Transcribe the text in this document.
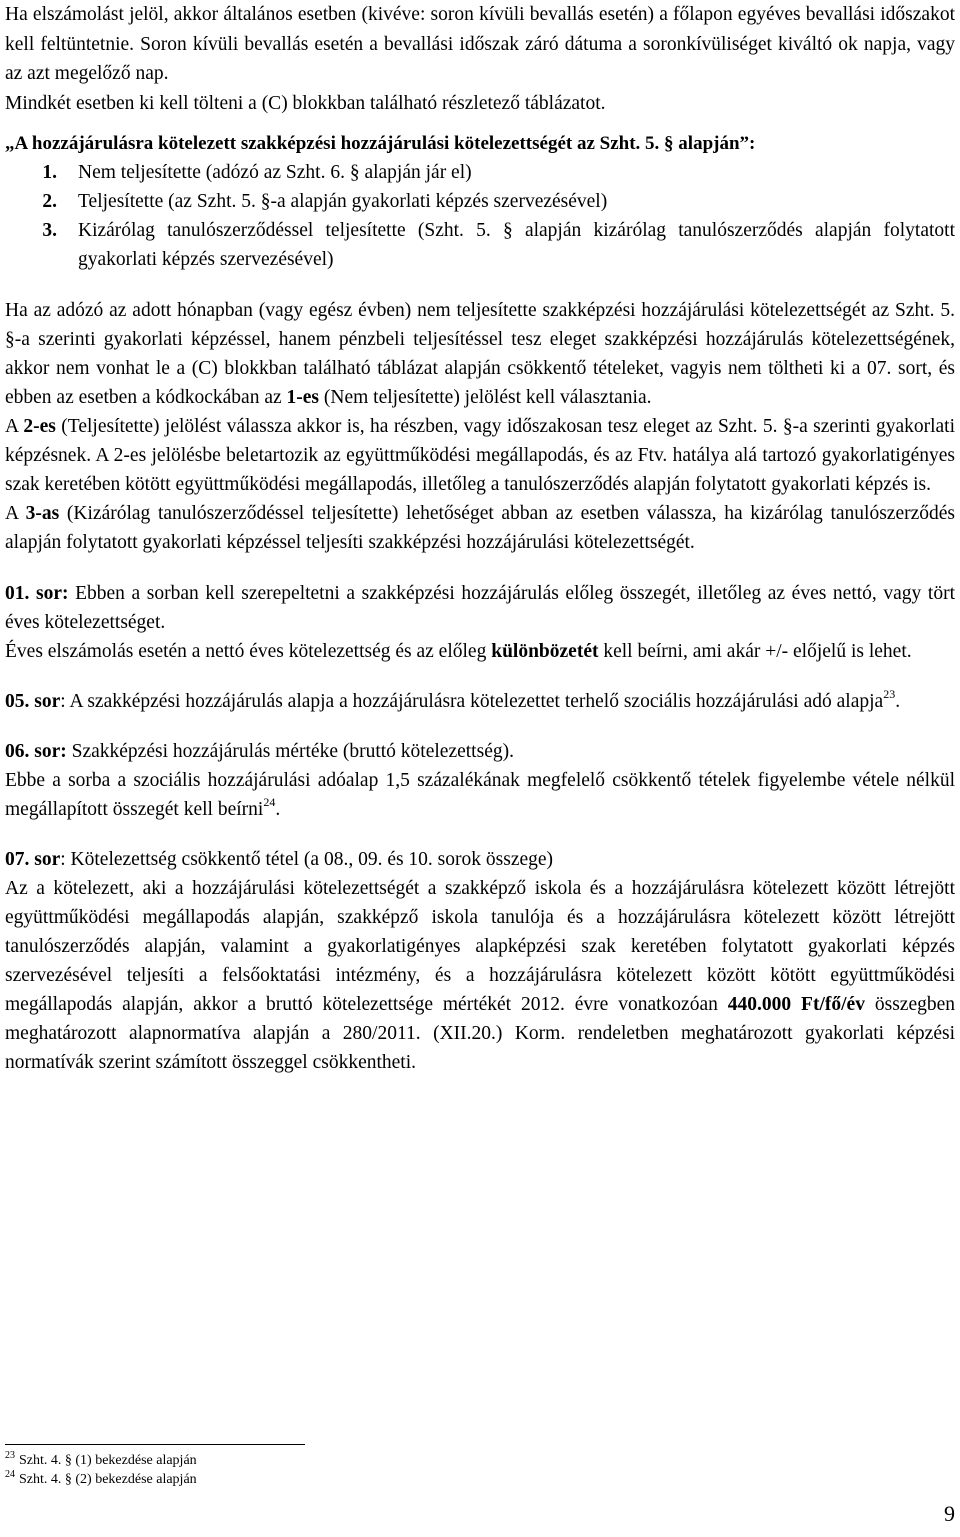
Ha elszámolást jelöl, akkor általános esetben (kivéve: soron kívüli bevallás esetén) a főlapon egyéves bevallási időszakot kell feltüntetnie. Soron kívüli bevallás esetén a bevallási időszak záró dátuma a soronkívüliséget kiváltó ok napja, vagy az azt megelőző nap.

Mindkét esetben ki kell tölteni a (C) blokkban található részletező táblázatot.

„A hozzájárulásra kötelezett szakképzési hozzájárulási kötelezettségét az Szht. 5. § alapján”:
1.	Nem teljesítette (adózó az Szht. 6. § alapján jár el)
2.	Teljesítette (az Szht. 5. §-a alapján gyakorlati képzés szervezésével)
3.	Kizárólag tanulószerződéssel teljesítette (Szht. 5. § alapján kizárólag tanulószerződés alapján folytatott gyakorlati képzés szervezésével)

Ha az adózó az adott hónapban (vagy egész évben) nem teljesítette szakképzési hozzájárulási kötelezettségét az Szht. 5. §-a szerinti gyakorlati képzéssel, hanem pénzbeli teljesítéssel tesz eleget szakképzési hozzájárulás kötelezettségének, akkor nem vonhat le a (C) blokkban található táblázat alapján csökkentő tételeket, vagyis nem töltheti ki a 07. sort, és ebben az esetben a kódkockában az 1-es (Nem teljesítette) jelölést kell választania.

A 2-es (Teljesítette) jelölést válassza akkor is, ha részben, vagy időszakosan tesz eleget az Szht. 5. §-a szerinti gyakorlati képzésnek. A 2-es jelölésbe beletartozik az együttműködési megállapodás, és az Ftv. hatálya alá tartozó gyakorlatigényes szak keretében kötött együttműködési megállapodás, illetőleg a tanulószerződés alapján folytatott gyakorlati képzés is.

A 3-as (Kizárólag tanulószerződéssel teljesítette) lehetőséget abban az esetben válassza, ha kizárólag tanulószerződés alapján folytatott gyakorlati képzéssel teljesíti szakképzési hozzájárulási kötelezettségét.

01. sor: Ebben a sorban kell szerepeltetni a szakképzési hozzájárulás előleg összegét, illetőleg az éves nettó, vagy tört éves kötelezettséget.

Éves elszámolás esetén a nettó éves kötelezettség és az előleg különbözetét kell beírni, ami akár +/- előjelű is lehet.

05. sor: A szakképzési hozzájárulás alapja a hozzájárulásra kötelezettet terhelő szociális hozzájárulási adó alapja$^{23}$.

06. sor: Szakképzési hozzájárulás mértéke (bruttó kötelezettség).

Ebbe a sorba a szociális hozzájárulási adóalap 1,5 százalékának megfelelő csökkentő tételek figyelembe vétele nélkül megállapított összegét kell beírni$^{24}$.

07. sor: Kötelezettség csökkentő tétel (a 08., 09. és 10. sorok összege)

Az a kötelezett, aki a hozzájárulási kötelezettségét a szakképző iskola és a hozzájárulásra kötelezett között létrejött együttműködési megállapodás alapján, szakképző iskola tanulója és a hozzájárulásra kötelezett között létrejött tanulószerződés alapján, valamint a gyakorlatigényes alapképzési szak keretében folytatott gyakorlati képzés szervezésével teljesíti a felsőoktatási intézmény, és a hozzájárulásra kötelezett között kötött együttműködési megállapodás alapján, akkor a bruttó kötelezettsége mértékét 2012. évre vonatkozóan 440.000 Ft/fő/év összegben meghatározott alapnormatíva alapján a 280/2011. (XII.20.) Korm. rendeletben meghatározott gyakorlati képzési normatívák szerint számított összeggel csökkentheti.

$^{23}$ Szht. 4. § (1) bekezdése alapján
$^{24}$ Szht. 4. § (2) bekezdése alapján
9
